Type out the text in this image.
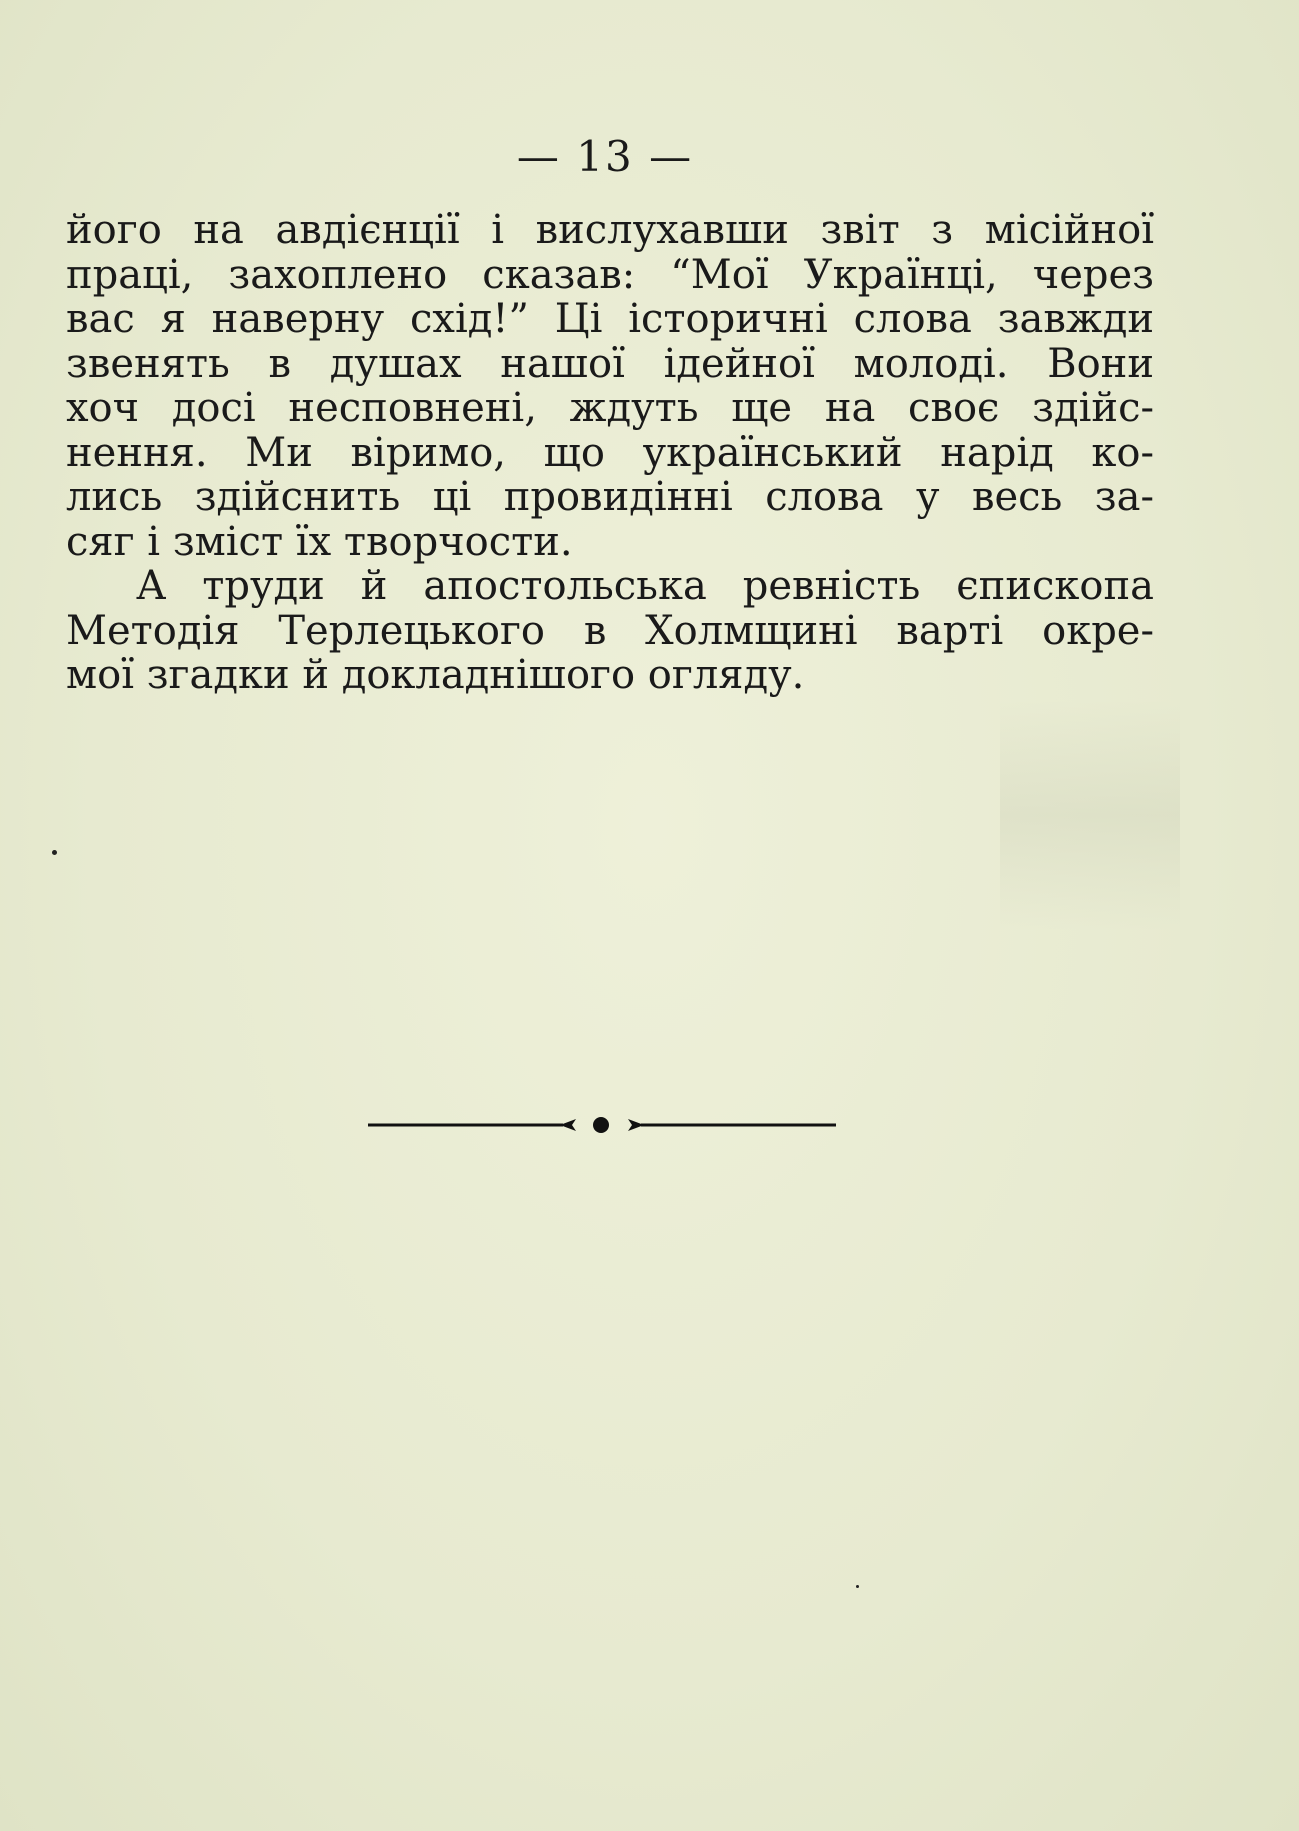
— 13 —
його на авдієнції і вислухавши звіт з місійної
праці, захоплено сказав: “Мої Українці, через
вас я наверну схід!” Ці історичні слова завжди
звенять в душах нашої ідейної молоді. Вони
хоч досі несповнені, ждуть ще на своє здійс-
нення. Ми віримо, що український нарід ко-
лись здійснить ці провидінні слова у весь за-
сяг і зміст їх творчости.
А труди й апостольська ревність єпископа
Методія Терлецького в Холмщині варті окре-
мої згадки й докладнішого огляду.
